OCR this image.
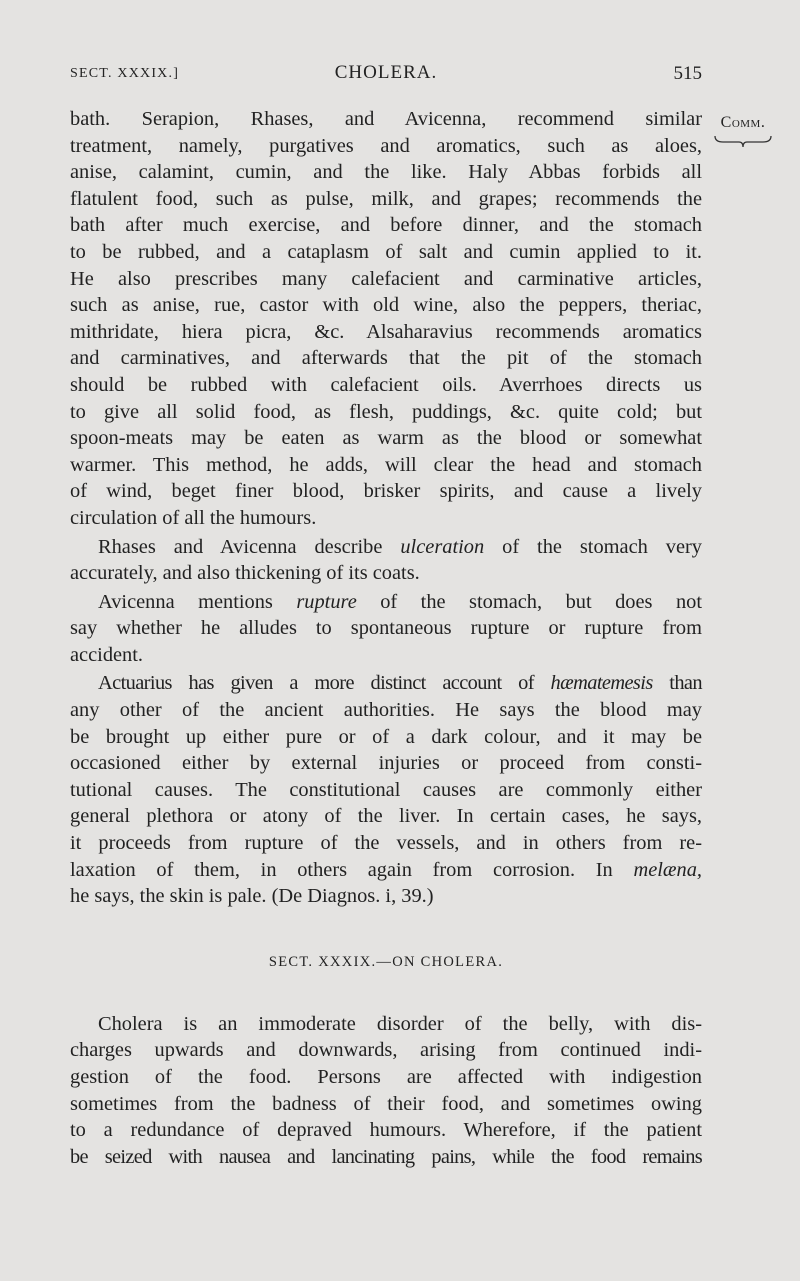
SECT. XXXIX.]	CHOLERA.	515
Comm.
bath. Serapion, Rhases, and Avicenna, recommend similar
treatment, namely, purgatives and aromatics, such as aloes,
anise, calamint, cumin, and the like. Haly Abbas forbids all
flatulent food, such as pulse, milk, and grapes; recommends the
bath after much exercise, and before dinner, and the stomach
to be rubbed, and a cataplasm of salt and cumin applied to it.
He also prescribes many calefacient and carminative articles,
such as anise, rue, castor with old wine, also the peppers, theriac,
mithridate, hiera picra, &c. Alsaharavius recommends aromatics
and carminatives, and afterwards that the pit of the stomach
should be rubbed with calefacient oils. Averrhoes directs us
to give all solid food, as flesh, puddings, &c. quite cold; but
spoon-meats may be eaten as warm as the blood or somewhat
warmer. This method, he adds, will clear the head and stomach
of wind, beget finer blood, brisker spirits, and cause a lively
circulation of all the humours.
Rhases and Avicenna describe ulceration of the stomach very
accurately, and also thickening of its coats.
Avicenna mentions rupture of the stomach, but does not
say whether he alludes to spontaneous rupture or rupture from
accident.
Actuarius has given a more distinct account of hæmatemesis than
any other of the ancient authorities. He says the blood may
be brought up either pure or of a dark colour, and it may be
occasioned either by external injuries or proceed from consti-
tutional causes. The constitutional causes are commonly either
general plethora or atony of the liver. In certain cases, he says,
it proceeds from rupture of the vessels, and in others from re-
laxation of them, in others again from corrosion. In melæna,
he says, the skin is pale. (De Diagnos. i, 39.)
SECT. XXXIX.—ON CHOLERA.
Cholera is an immoderate disorder of the belly, with dis-
charges upwards and downwards, arising from continued indi-
gestion of the food. Persons are affected with indigestion
sometimes from the badness of their food, and sometimes owing
to a redundance of depraved humours. Wherefore, if the patient
be seized with nausea and lancinating pains, while the food remains
